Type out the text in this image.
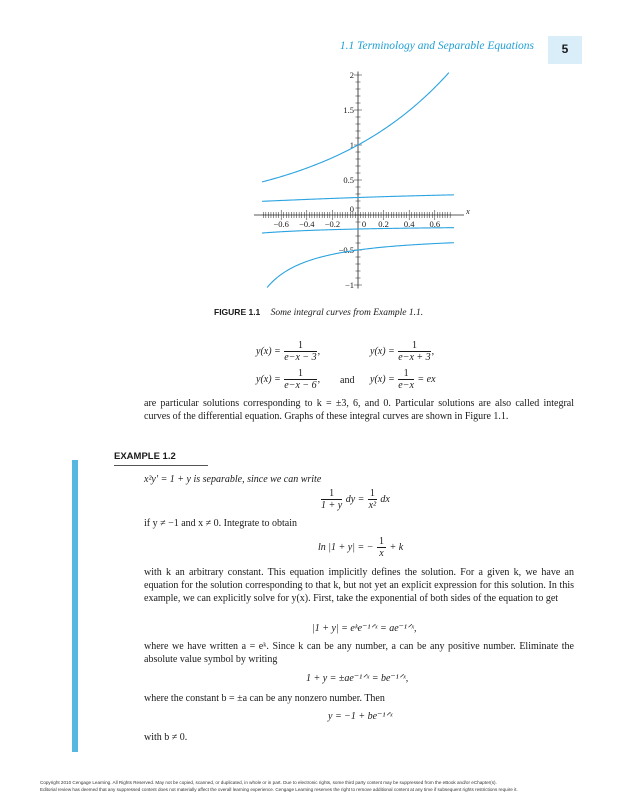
1.1 Terminology and Separable Equations	5
−0.6 −0.4 −0.2	0 0.2 0.4 0.6
2
1.5
1
0.5
0
−0.5
−1
x
FIGURE 1.1 Some integral curves from Example 1.1.
$y(x) = \frac{1}{e-x - 3}$ ,	$y(x) = \frac{1}{e-x + 3}$ ,
$y(x) = \frac{1}{e-x - 6}$ , and $y(x) = \frac{1}{e-x}$ = ex
are particular solutions corresponding to k = ±3, 6, and 0. Particular solutions are also called integral curves of the differential equation. Graphs of these integral curves are shown in Figure 1.1.
EXAMPLE 1.2
x²y′ = 1 + y is separable, since we can write
$\frac{1}{1 + y}$ dy = $\frac{1}{\text{x²}}$ dx
if y ≠ −1 and x ≠ 0. Integrate to obtain
ln |1 + y| = − $\frac{1}{x} + k$
with k an arbitrary constant. This equation implicitly defines the solution. For a given k, we have an equation for the solution corresponding to that k, but not yet an explicit expression for this solution. In this example, we can explicitly solve for y(x). First, take the exponential of both sides of the equation to get
|1 + y| = eᵏe⁻¹ᐟˣ = ae⁻¹ᐟˣ,
where we have written a = eᵏ. Since k can be any number, a can be any positive number. Eliminate the absolute value symbol by writing
1 + y = ±ae⁻¹ᐟˣ = be⁻¹ᐟˣ,
where the constant b = ±a can be any nonzero number. Then
y = −1 + be⁻¹ᐟˣ
with b ≠ 0.
Copyright 2010 Cengage Learning. All Rights Reserved. May not be copied, scanned, or duplicated, in whole or in part. Due to electronic rights, some third party content may be suppressed from the eBook and/or eChapter(s).
Editorial review has deemed that any suppressed content does not materially affect the overall learning experience. Cengage Learning reserves the right to remove additional content at any time if subsequent rights restrictions require it.
